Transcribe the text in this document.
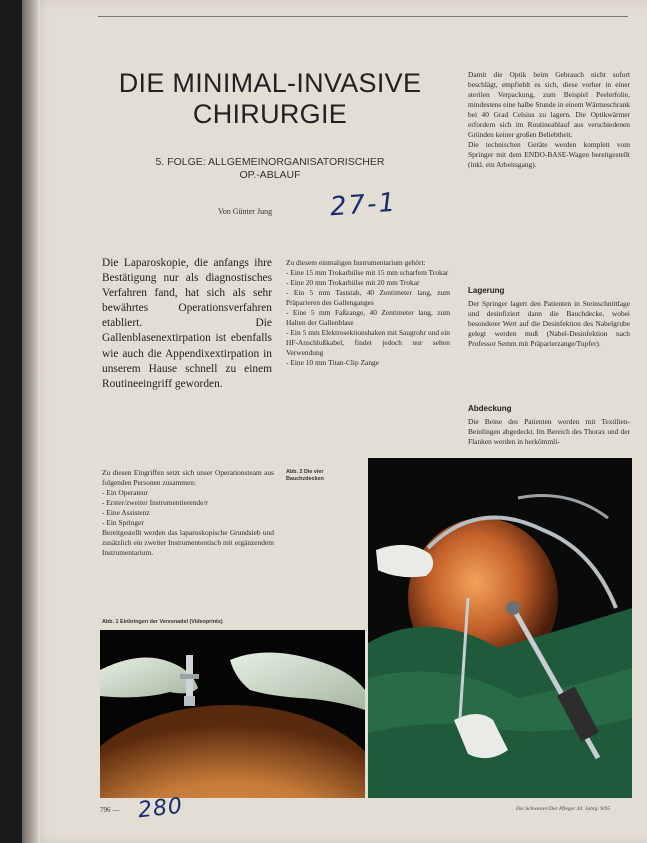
DIE MINIMAL-INVASIVE
CHIRURGIE
5. FOLGE: ALLGEMEINORGANISATORISCHER
OP.-ABLAUF
Von Günter Jung 27-1
Die Laparoskopie, die anfangs ihre Bestätigung nur als diagnostisches Verfahren fand, hat sich als sehr bewährtes Operationsverfahren etabliert. Die Gallenblasenextirpation ist ebenfalls wie auch die Appendixextirpation in unserem Hause schnell zu einem Routineeingriff geworden.
Zu diesem einmaligen Instrumentarium gehört:
- Eine 15 mm Trokarhülse mit 15 mm scharfem Trokar
- Eine 20 mm Trokarhülse mit 20 mm Trokar
- Ein 5 mm Taststab, 40 Zentimeter lang, zum Präparieren des Gallenganges
- Eine 5 mm Faßzange, 40 Zentimeter lang, zum Halten der Gallenblase
- Ein 5 mm Elektrosektionshaken mit Saugrohr und ein HF-Anschlußkabel, findet jedoch nur selten Verwendung
- Eine 10 mm Titan-Clip Zange
Zu diesen Eingriffen setzt sich unser Operationsteam aus folgenden Personen zusammen:
- Ein Operateur
- Erster/zweiter Instrumentierende/r
- Eine Assistenz
- Ein Springer
Bereitgestellt werden das laparoskopische Grundsieb und zusätzlich ein zweiter Instrumententisch mit ergänzendem Instrumentarium.
Damit die Optik beim Gebrauch nicht sofort beschlägt, empfiehlt es sich, diese vorher in einer sterilen Verpackung, zum Beispiel Peelerfolie, mindestens eine halbe Stunde in einem Wärmeschrank bei 40 Grad Celsius zu lagern. Die Optikwärmer erfordern sich im Routineablauf aus verschiedenen Gründen keiner großen Beliebtheit.
Die technischen Geräte werden komplett vom Springer mit dem ENDO-BASE-Wagen bereitgestellt (inkl. ein Arbeitsgang).
Lagerung
Der Springer lagert den Patienten in Steinschnittlage und desinfiziert dann die Bauchdecke, wobei besonderer Wert auf die Desinfektion des Nabelgrube gelegt werden muß (Nabel-Desinfektion nach Professor Semm mit Präparierzange/Tupfer).
Abdeckung
Die Beine des Patienten werden mit Textilien-Beinlingen abgedeckt. Im Bereich des Thorax und der Flanken werden in herkömmli-
Abb. 2 Die vier Bauchzdecken
Abb. 1 Einbringen der Veresnadel (Videoprints)
796 — 280	Die Schwester/Der Pfleger 34. Jahrg. 9/95
